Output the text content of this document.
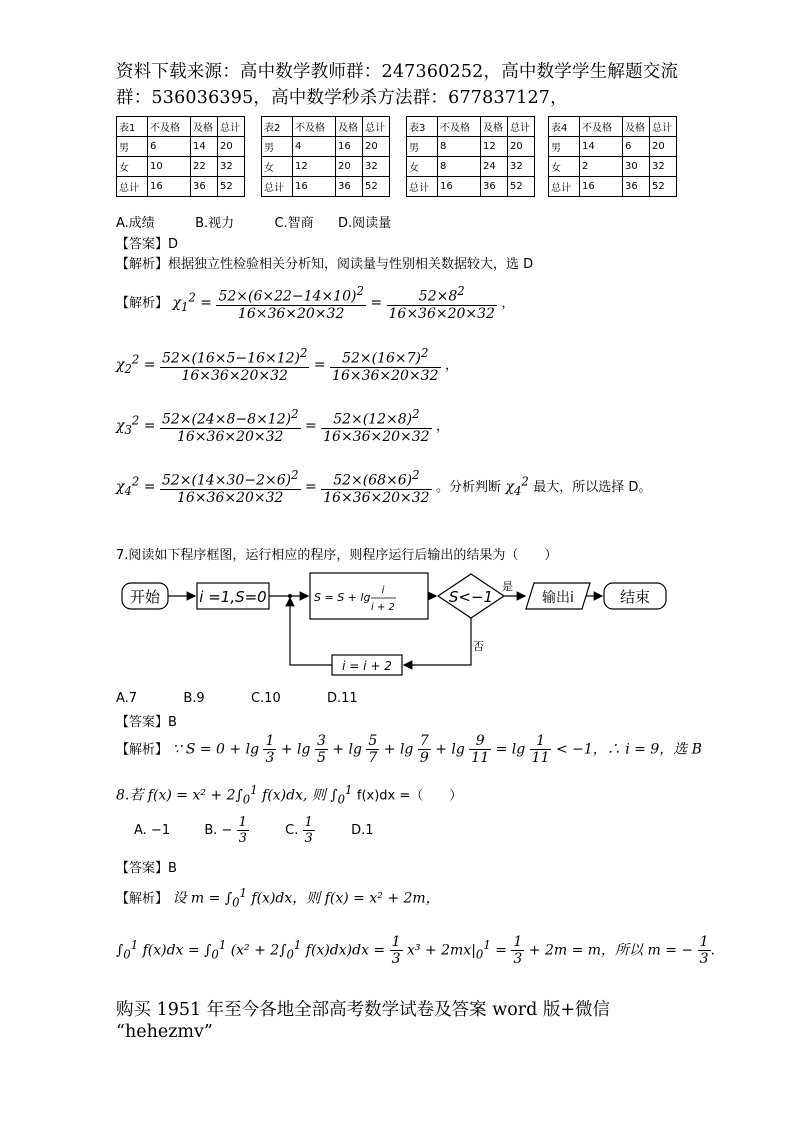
资料下载来源：高中数学教师群：247360252，高中数学学生解题交流
群：536036395，高中数学秒杀方法群：677837127，
表1	不及格	及格	总计
男	6	14	20
女	10	22	32
总计	16	36	52
表2	不及格	及格	总计
男	4	16	20
女	12	20	32
总计	16	36	52
表3	不及格	及格	总计
男	8	12	20
女	8	24	32
总计	16	36	52
表4	不及格	及格	总计
男	14	6	20
女	2	30	32
总计	16	36	52
A.成绩	B.视力	C.智商 D.阅读量
【答案】D
【解析】根据独立性检验相关分析知，阅读量与性别相关数据较大，选 D
【解析】 $\chi_1^2 = \frac{52\times(6\times 22-14\times 10)^2}{16\times 36\times 20\times 32} = \frac{52\times 8^2}{16\times 36\times 20\times 32}$ ，
$\chi_2^2 = \frac{52\times(16\times 5-16\times 12)^2}{16\times 36\times 20\times 32} = \frac{52\times(16\times 7)^2}{16\times 36\times 20\times 32}$ ，
$\chi_3^2 = \frac{52\times(24\times 8-8\times 12)^2}{16\times 36\times 20\times 32} = \frac{52\times(12\times 8)^2}{16\times 36\times 20\times 32}$ ，
$\chi_4^2 = \frac{52\times(14\times 30-2\times 6)^2}{16\times 36\times 20\times 32} = \frac{52\times(68\times 6)^2}{16\times 36\times 20\times 32}$ 。分析判断 $\chi_4^2$ 最大，所以选择 D。
7.阅读如下程序框图，运行相应的程序，则程序运行后输出的结果为（　　）
开始	i =1,S=0	S = S + lg
i
i + 2
S<−1
是
输出i	结束
否
i = i + 2
A.7	B.9	C.10	D.11
【答案】B
【解析】 ∵ $S = 0 + \lg \frac{1}{3} + \lg \frac{3}{5} + \lg \frac{5}{7} + \lg \frac{7}{9} + \lg \frac{9}{11} = \lg \frac{1}{11} < -1$，∴ i = 9，选 B
8.若 $f(x) = x^2 + 2\int_0^1$ f(x)dx, 则 $\int_0^1$ f(x)dx =（　　）
A. −1	B. − $\frac{1}{3}$	C. $\frac{1}{3}$	D.1
【答案】B
【解析】 设 $m = \int_0^1$ f(x)dx，则 f(x) = x² + 2m，
$\int_0^1$ $f(x)dx = \int_0^1$ ($x^2 + 2\int_0^1$ $f(x)dx)dx = \frac{1}{3} x^3 + 2mx|_0^1 = \frac{1}{3} + 2m = m$，所以 m = − $\frac{1}{3}$ .
购买 1951 年至今各地全部高考数学试卷及答案 word 版+微信
“hehezmv”
